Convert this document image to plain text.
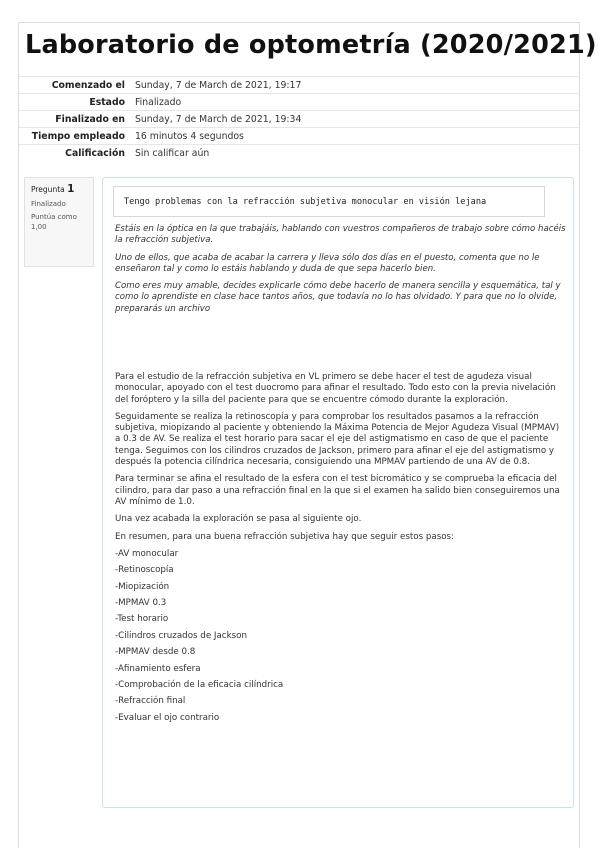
Laboratorio de optometría (2020/2021)
Comenzado el	Sunday, 7 de March de 2021, 19:17
Estado	Finalizado
Finalizado en	Sunday, 7 de March de 2021, 19:34
Tiempo empleado	16 minutos 4 segundos
Calificación	Sin calificar aún
Pregunta 1
Finalizado
Puntúa como 1,00
Tengo problemas con la refracción subjetiva monocular en visión lejana

Estáis en la óptica en la que trabajáis, hablando con vuestros compañeros de trabajo sobre cómo hacéis la refracción subjetiva.

Uno de ellos, que acaba de acabar la carrera y lleva sólo dos días en el puesto, comenta que no le enseñaron tal y como lo estáis hablando y duda de que sepa hacerlo bien.

Como eres muy amable, decides explicarle cómo debe hacerlo de manera sencilla y esquemática, tal y como lo aprendiste en clase hace tantos años, que todavía no lo has olvidado. Y para que no lo olvide, prepararás un archivo

Para el estudio de la refracción subjetiva en VL primero se debe hacer el test de agudeza visual monocular, apoyado con el test duocromo para afinar el resultado. Todo esto con la previa nivelación del foróptero y la silla del paciente para que se encuentre cómodo durante la exploración.

Seguidamente se realiza la retinoscopía y para comprobar los resultados pasamos a la refracción subjetiva, miopizando al paciente y obteniendo la Máxima Potencia de Mejor Agudeza Visual (MPMAV) a 0.3 de AV. Se realiza el test horario para sacar el eje del astigmatismo en caso de que el paciente tenga. Seguimos con los cilindros cruzados de Jackson, primero para afinar el eje del astigmatismo y después la potencia cilíndrica necesaria, consiguiendo una MPMAV partiendo de una AV de 0.8.

Para terminar se afina el resultado de la esfera con el test bicromático y se comprueba la eficacia del cilindro, para dar paso a una refracción final en la que si el examen ha salido bien conseguiremos una AV mínimo de 1.0.

Una vez acabada la exploración se pasa al siguiente ojo.

En resumen, para una buena refracción subjetiva hay que seguir estos pasos:

-AV monocular
-Retinoscopía
-Miopización
-MPMAV 0.3
-Test horario
-Cilindros cruzados de Jackson
-MPMAV desde 0.8
-Afinamiento esfera
-Comprobación de la eficacia cilíndrica
-Refracción final
-Evaluar el ojo contrario
